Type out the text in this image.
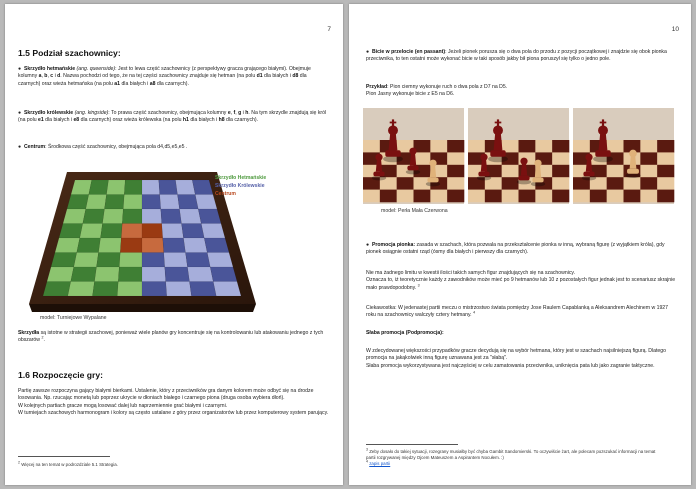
7
1.5 Podział szachownicy:
● Skrzydło hetmańskie (ang. queenside): Jest to lewa część szachownicy (z perspektywy gracza grającego białymi). Obejmuje kolumny a, b, c i d. Nazwa pochodzi od tego, że na tej części szachownicy znajduje się hetman (na polu d1 dla białych i d8 dla czarnych) oraz wieża hetmańska (na polu a1 dla białych i a8 dla czarnych).
● Skrzydło królewskie (ang. kingside): To prawa część szachownicy, obejmująca kolumny e, f, g i h. Na tym skrzydle znajdują się król (na polu e1 dla białych i e8 dla czarnych) oraz wieża królewska (na polu h1 dla białych i h8 dla czarnych).
● Centrum: Środkowa część szachownicy, obejmująca pola d4,d5,e5,e5 .
Skrzydło Hetmańskie
Skrzydło Królewskie
Centrum
model: Turniejowe Wypalane
Skrzydła są istotne w strategii szachowej, ponieważ wiele planów gry koncentruje się na kontrolowaniu lub atakowaniu jednego z tych obszarów $^2$.
1.6 Rozpoczęcie gry:
Partię zawsze rozpoczyna gający białymi bierkami. Ustalenie, który z przeciwników gra danym kolorem może odbyć się na drodze losowania. Np. rzucając monetą lub poprzez ukrycie w dłoniach białego i czarnego piona (druga osoba wybiera dłoń).
W kolejnych partiach gracze mogą losować dalej lub naprzemiennie grać białymi i czarnymi.
W turniejach szachowych harmonogram i kolory są często ustalane z góry przez organizatorów lub przez komputerowy system parujący.
$^2$ Więcej na ten temat w podrozdziale 5.1 Strategia.
10
● Bicie w przelocie (en passant): Jeżeli pionek porusza się o dwa pola do przodu z pozycji początkowej i znajdzie się obok pionka przeciwnika, to ten ostatni może wykonać bicie w taki sposób jakby bił piona poruszył się tylko o jedno pole.
Przykład: Pion ciemny wykonuje ruch o dwa pola z D7 na D5.
Pion Jasny wykonuje bicie z E5 na D6.
model: Perła Mała Czerwona
● Promocja pionka: zasada w szachach, która pozwala na przekształcenie pionka w inną, wybraną figurę (z wyjątkiem króla), gdy pionek osiągnie ostatni rząd (ósmy dla białych i pierwszy dla czarnych).
Nie ma żadnego limitu w kwestii ilości takich samych figur znajdujących się na szachownicy.
Oznacza to, iż teoretycznie każdy z zawodników może mieć po 9 hetmanów lub 10 z pozostałych figur jednak jest to scenariusz skrajnie mało prawdopodobny. $^3$
Ciekawostka: W jedenastej partii meczu o mistrzostwo świata pomiędzy Jose Raulem Capablanką a Aleksandrem Alechinem w 1927 roku na szachownicy walczyły cztery hetmany. $^4$
Słaba promocja (Podpromocja):
W zdecydowanej większości przypadków gracze decydują się na wybór hetmana, który jest w szachach najsilniejszą figurą. Dlatego promocja na jakąkolwiek inną figurę uznawana jest za "słabą".
Słaba promocja wykorzystywana jest najczęściej w celu zamatowania przeciwnika, uniknięcia pata lub jako zagranie taktyczne.
$^3$ Zeby dosało do takiej sytuacji, rozegrany musiałby być chyba Gambit Sandomierski. To oczywiście żart, ale polecam pozszukać informacji na temat partii rozgrywanej między Ojcem Mateuszem a Aspirantem Nocułem. :)
$^4$ zapis partii
